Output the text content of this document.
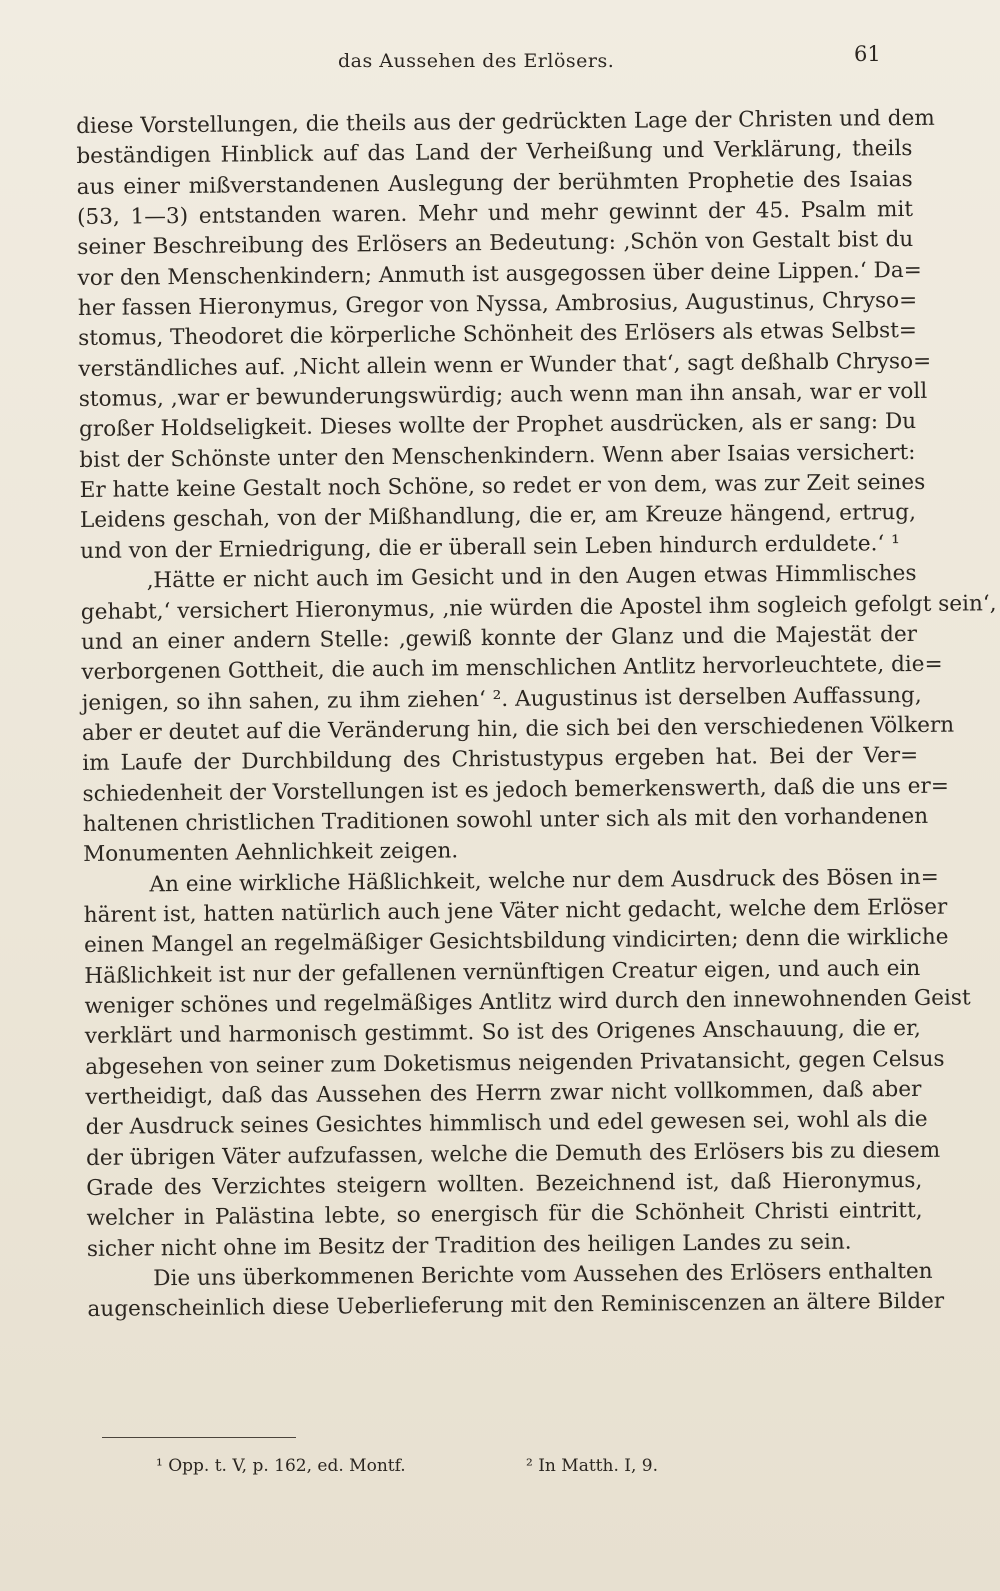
das Aussehen des Erlösers.	61
diese Vorstellungen, die theils aus der gedrückten Lage der Christen und dem
beständigen Hinblick auf das Land der Verheißung und Verklärung, theils
aus einer mißverstandenen Auslegung der berühmten Prophetie des Isaias
(53, 1—3) entstanden waren. Mehr und mehr gewinnt der 45. Psalm mit
seiner Beschreibung des Erlösers an Bedeutung: ‚Schön von Gestalt bist du
vor den Menschenkindern; Anmuth ist ausgegossen über deine Lippen.‘ Da=
her fassen Hieronymus, Gregor von Nyssa, Ambrosius, Augustinus, Chryso=
stomus, Theodoret die körperliche Schönheit des Erlösers als etwas Selbst=
verständliches auf. ‚Nicht allein wenn er Wunder that‘, sagt deßhalb Chryso=
stomus, ‚war er bewunderungswürdig; auch wenn man ihn ansah, war er voll
großer Holdseligkeit. Dieses wollte der Prophet ausdrücken, als er sang: Du
bist der Schönste unter den Menschenkindern. Wenn aber Isaias versichert:
Er hatte keine Gestalt noch Schöne, so redet er von dem, was zur Zeit seines
Leidens geschah, von der Mißhandlung, die er, am Kreuze hängend, ertrug,
und von der Erniedrigung, die er überall sein Leben hindurch erduldete.‘ ¹
‚Hätte er nicht auch im Gesicht und in den Augen etwas Himmlisches
gehabt,‘ versichert Hieronymus, ‚nie würden die Apostel ihm sogleich gefolgt sein‘,
und an einer andern Stelle: ‚gewiß konnte der Glanz und die Majestät der
verborgenen Gottheit, die auch im menschlichen Antlitz hervorleuchtete, die=
jenigen, so ihn sahen, zu ihm ziehen‘ ². Augustinus ist derselben Auffassung,
aber er deutet auf die Veränderung hin, die sich bei den verschiedenen Völkern
im Laufe der Durchbildung des Christustypus ergeben hat. Bei der Ver=
schiedenheit der Vorstellungen ist es jedoch bemerkenswerth, daß die uns er=
haltenen christlichen Traditionen sowohl unter sich als mit den vorhandenen
Monumenten Aehnlichkeit zeigen.
An eine wirkliche Häßlichkeit, welche nur dem Ausdruck des Bösen in=
härent ist, hatten natürlich auch jene Väter nicht gedacht, welche dem Erlöser
einen Mangel an regelmäßiger Gesichtsbildung vindicirten; denn die wirkliche
Häßlichkeit ist nur der gefallenen vernünftigen Creatur eigen, und auch ein
weniger schönes und regelmäßiges Antlitz wird durch den innewohnenden Geist
verklärt und harmonisch gestimmt. So ist des Origenes Anschauung, die er,
abgesehen von seiner zum Doketismus neigenden Privatansicht, gegen Celsus
vertheidigt, daß das Aussehen des Herrn zwar nicht vollkommen, daß aber
der Ausdruck seines Gesichtes himmlisch und edel gewesen sei, wohl als die
der übrigen Väter aufzufassen, welche die Demuth des Erlösers bis zu diesem
Grade des Verzichtes steigern wollten. Bezeichnend ist, daß Hieronymus,
welcher in Palästina lebte, so energisch für die Schönheit Christi eintritt,
sicher nicht ohne im Besitz der Tradition des heiligen Landes zu sein.
Die uns überkommenen Berichte vom Aussehen des Erlösers enthalten
augenscheinlich diese Ueberlieferung mit den Reminiscenzen an ältere Bilder
¹ Opp. t. V, p. 162, ed. Montf.	² In Matth. I, 9.
